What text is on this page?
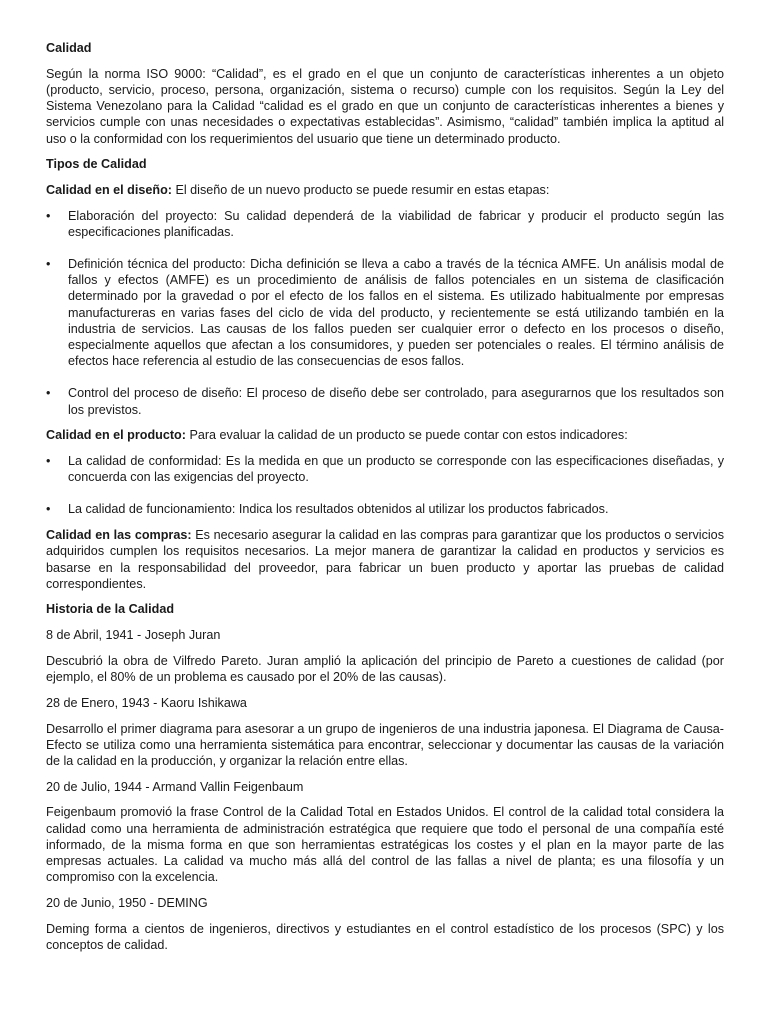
Calidad

Según la norma ISO 9000: “Calidad”, es el grado en el que un conjunto de características inherentes a un objeto (producto, servicio, proceso, persona, organización, sistema o recurso) cumple con los requisitos. Según la Ley del Sistema Venezolano para la Calidad “calidad es el grado en que un conjunto de características inherentes a bienes y servicios cumple con unas necesidades o expectativas establecidas”. Asimismo, “calidad” también implica la aptitud al uso o la conformidad con los requerimientos del usuario que tiene un determinado producto.

Tipos de Calidad

Calidad en el diseño: El diseño de un nuevo producto se puede resumir en estas etapas:

• Elaboración del proyecto: Su calidad dependerá de la viabilidad de fabricar y producir el producto según las especificaciones planificadas.
• Definición técnica del producto: Dicha definición se lleva a cabo a través de la técnica AMFE. Un análisis modal de fallos y efectos (AMFE) es un procedimiento de análisis de fallos potenciales en un sistema de clasificación determinado por la gravedad o por el efecto de los fallos en el sistema. Es utilizado habitualmente por empresas manufactureras en varias fases del ciclo de vida del producto, y recientemente se está utilizando también en la industria de servicios. Las causas de los fallos pueden ser cualquier error o defecto en los procesos o diseño, especialmente aquellos que afectan a los consumidores, y pueden ser potenciales o reales. El término análisis de efectos hace referencia al estudio de las consecuencias de esos fallos.
• Control del proceso de diseño: El proceso de diseño debe ser controlado, para asegurarnos que los resultados son los previstos.

Calidad en el producto: Para evaluar la calidad de un producto se puede contar con estos indicadores:

• La calidad de conformidad: Es la medida en que un producto se corresponde con las especificaciones diseñadas, y concuerda con las exigencias del proyecto.
• La calidad de funcionamiento: Indica los resultados obtenidos al utilizar los productos fabricados.

Calidad en las compras: Es necesario asegurar la calidad en las compras para garantizar que los productos o servicios adquiridos cumplen los requisitos necesarios. La mejor manera de garantizar la calidad en productos y servicios es basarse en la responsabilidad del proveedor, para fabricar un buen producto y aportar las pruebas de calidad correspondientes.

Historia de la Calidad

8 de Abril, 1941 - Joseph Juran

Descubrió la obra de Vilfredo Pareto. Juran amplió la aplicación del principio de Pareto a cuestiones de calidad (por ejemplo, el 80% de un problema es causado por el 20% de las causas).

28 de Enero, 1943 - Kaoru Ishikawa

Desarrollo el primer diagrama para asesorar a un grupo de ingenieros de una industria japonesa. El Diagrama de Causa-Efecto se utiliza como una herramienta sistemática para encontrar, seleccionar y documentar las causas de la variación de la calidad en la producción, y organizar la relación entre ellas.

20 de Julio, 1944 - Armand Vallin Feigenbaum

Feigenbaum promovió la frase Control de la Calidad Total en Estados Unidos. El control de la calidad total considera la calidad como una herramienta de administración estratégica que requiere que todo el personal de una compañía esté informado, de la misma forma en que son herramientas estratégicas los costes y el plan en la mayor parte de las empresas actuales. La calidad va mucho más allá del control de las fallas a nivel de planta; es una filosofía y un compromiso con la excelencia.

20 de Junio, 1950 - DEMING

Deming forma a cientos de ingenieros, directivos y estudiantes en el control estadístico de los procesos (SPC) y los conceptos de calidad.
